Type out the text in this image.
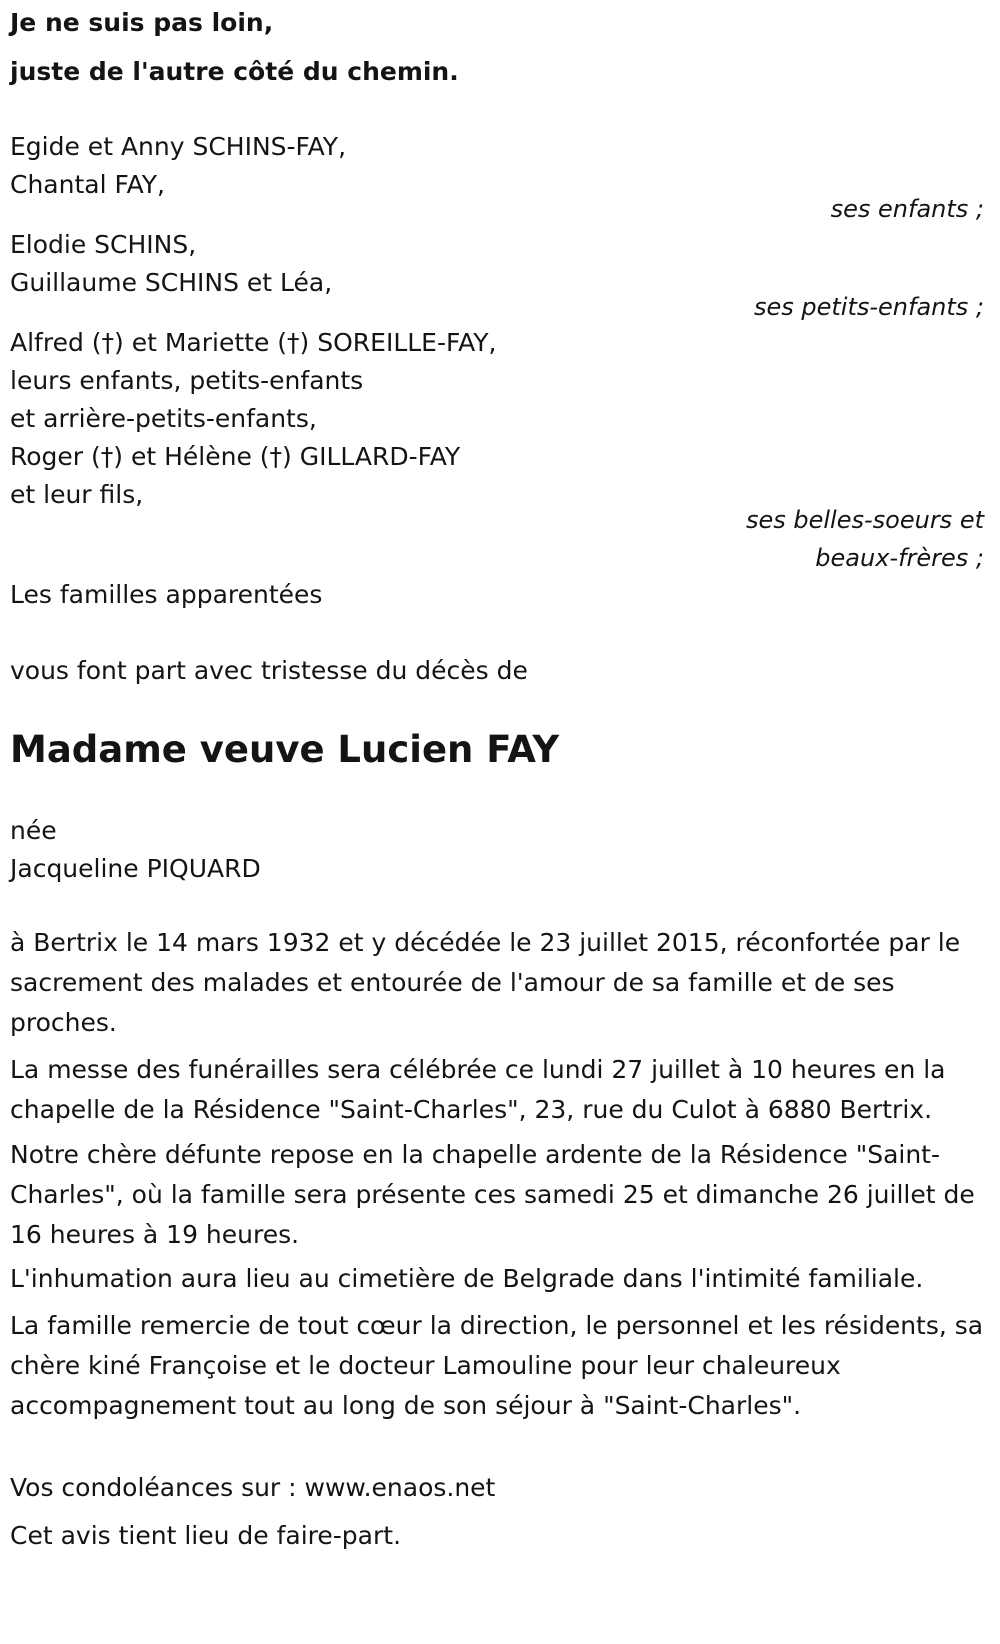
Je ne suis pas loin,
juste de l'autre côté du chemin.
Egide et Anny SCHINS-FAY,
Chantal FAY,
ses enfants ;
Elodie SCHINS,
Guillaume SCHINS et Léa,
ses petits-enfants ;
Alfred (†) et Mariette (†) SOREILLE-FAY,
leurs enfants, petits-enfants
et arrière-petits-enfants,
Roger (†) et Hélène (†) GILLARD-FAY
et leur fils,
ses belles-soeurs et
beaux-frères ;
Les familles apparentées
vous font part avec tristesse du décès de
Madame veuve Lucien FAY
née
Jacqueline PIQUARD
à Bertrix le 14 mars 1932 et y décédée le 23 juillet 2015, réconfortée par le sacrement des malades et entourée de l'amour de sa famille et de ses proches.
La messe des funérailles sera célébrée ce lundi 27 juillet à 10 heures en la chapelle de la Résidence "Saint-Charles", 23, rue du Culot à 6880 Bertrix.
Notre chère défunte repose en la chapelle ardente de la Résidence "Saint-Charles", où la famille sera présente ces samedi 25 et dimanche 26 juillet de 16 heures à 19 heures.
L'inhumation aura lieu au cimetière de Belgrade dans l'intimité familiale.
La famille remercie de tout cœur la direction, le personnel et les résidents, sa chère kiné Françoise et le docteur Lamouline pour leur chaleureux accompagnement tout au long de son séjour à "Saint-Charles".
Vos condoléances sur : www.enaos.net
Cet avis tient lieu de faire-part.
